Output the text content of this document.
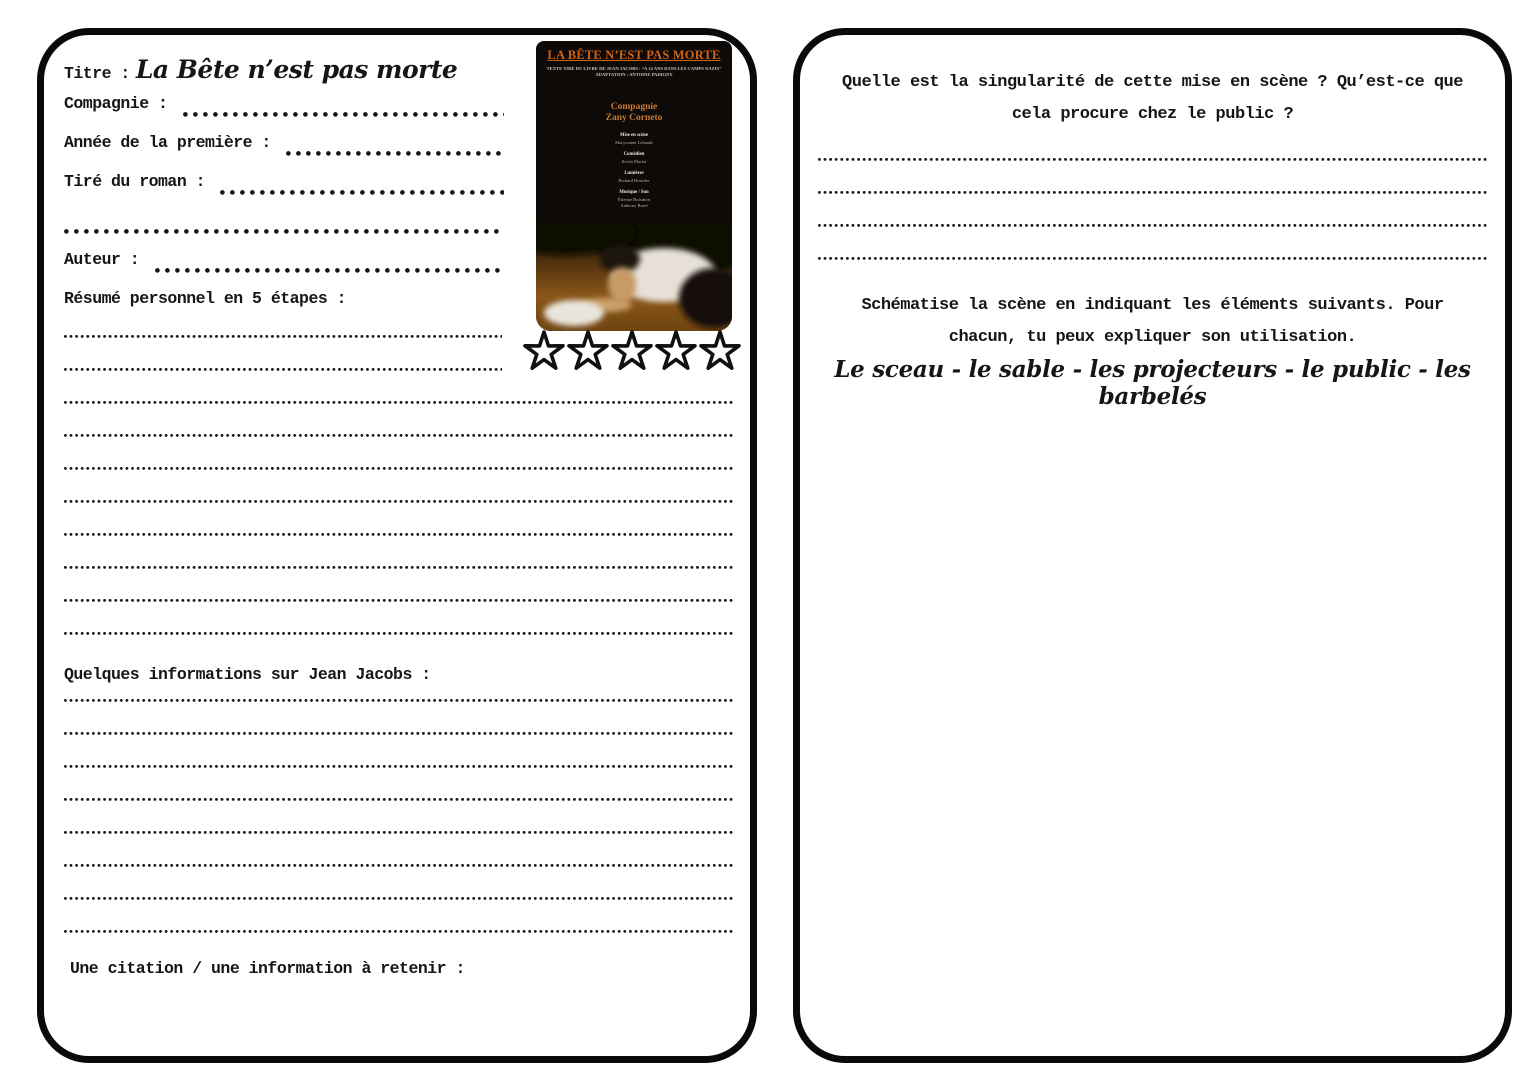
Titre : La Bête n’est pas morte
Compagnie :
Année de la première :
Tiré du roman :
Auteur :
Résumé personnel en 5 étapes :
Quelques informations sur Jean Jacobs :
Une citation / une information à retenir :
LA BÊTE N’EST PAS MORTE
TEXTE TIRÉ DU LIVRE DE JEAN JACOBS : “A 14 ANS DANS LES CAMPS NAZIS”
ADAPTATION : ANTOINE PADIGNY
Compagnie
Zany Corneto
Mise en scène
Maryvonne Lebaudi
Comédien
Kevin Marlot
Lumières
Richard Hourlier
Musique / Son
Étienne Boisdron
Anthony Barré
Quelle est la singularité de cette mise en scène ? Qu’est-ce que
cela procure chez le public ?
Schématise la scène en indiquant les éléments suivants. Pour
chacun, tu peux expliquer son utilisation.
Le sceau - le sable - les projecteurs - le public - les barbelés
